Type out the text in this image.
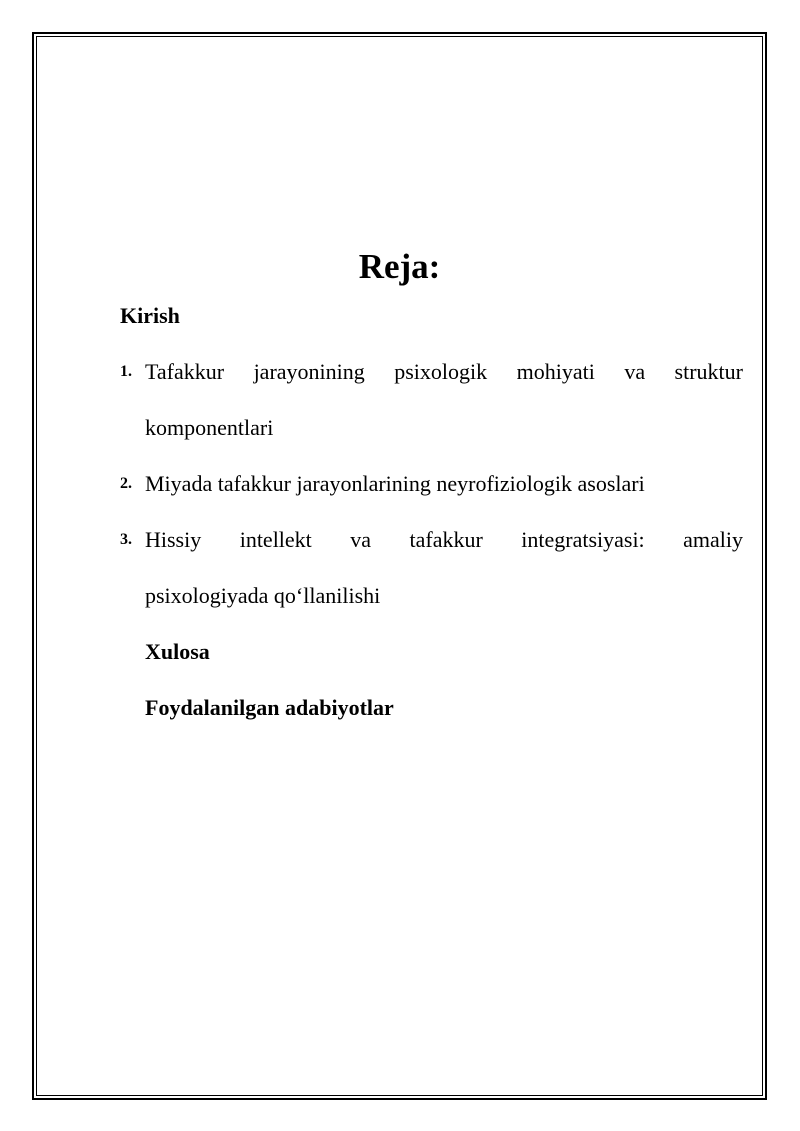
Reja:
Kirish
1. Tafakkur jarayonining psixologik mohiyati va struktur
komponentlari
2. Miyada tafakkur jarayonlarining neyrofiziologik asoslari
3. Hissiy intellekt va tafakkur integratsiyasi: amaliy
psixologiyada qo‘llanilishi
Xulosa
Foydalanilgan adabiyotlar
